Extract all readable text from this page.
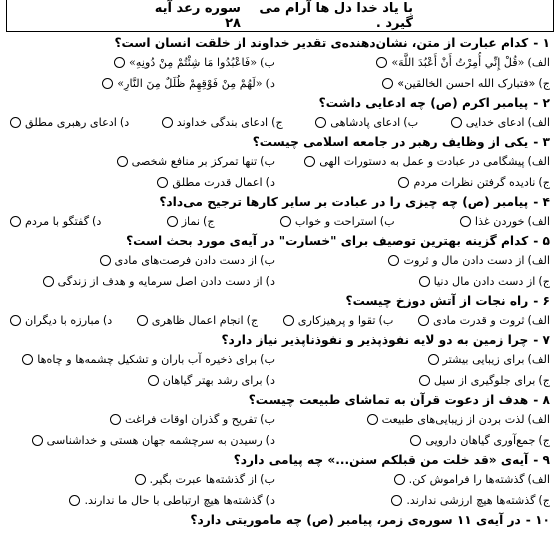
با یاد خدا دل ها آرام می گیرد .
سوره رعد آیه ۲۸
۱ -
کدام عبارت از متن، نشان‌دهنده‌ی تقدیر خداوند از خلقت انسان است؟
الف)
«قُلْ إِنِّي أُمِرْتُ أَنْ أَعْبُدَ اللَّهَ»
ب)
«فَاعْبُدُوا مَا شِئْتُمْ مِنْ دُونِهِ»
ج)
«فتبارک الله احسن الخالقین»
د)
«لَهُمْ مِنْ فَوْقِهِمْ ظُلَلٌ مِنَ النَّارِ»
۲ -
پیامبر اکرم (ص) چه ادعایی داشت؟
الف)
ادعای خدایی
ب)
ادعای پادشاهی
ج)
ادعای بندگی خداوند
د)
ادعای رهبری مطلق
۳ -
یکی از وظایف رهبر در جامعه اسلامی چیست؟
الف)
پیشگامی در عبادت و عمل به دستورات الهی
ب)
تنها تمرکز بر منافع شخصی
ج)
نادیده گرفتن نظرات مردم
د)
اعمال قدرت مطلق
۴ -
پیامبر (ص) چه چیزی را در عبادت بر سایر کارها ترجیح می‌داد؟
الف)
خوردن غذا
ب)
استراحت و خواب
ج)
نماز
د)
گفتگو با مردم
۵ -
کدام گزینه بهترین توصیف برای "خسارت" در آیه‌ی مورد بحث است؟
الف)
از دست دادن مال و ثروت
ب)
از دست دادن فرصت‌های مادی
ج)
از دست دادن مال دنیا
د)
از دست دادن اصل سرمایه و هدف از زندگی
۶ -
راه نجات از آتش دوزخ چیست؟
الف)
ثروت و قدرت مادی
ب)
تقوا و پرهیزکاری
ج)
انجام اعمال ظاهری
د)
مبارزه با دیگران
۷ -
چرا زمین به دو لایه نفوذپذیر و نفوذناپذیر نیاز دارد؟
الف)
برای زیبایی بیشتر
ب)
برای ذخیره آب باران و تشکیل چشمه‌ها و چاه‌ها
ج)
برای جلوگیری از سیل
د)
برای رشد بهتر گیاهان
۸ -
هدف از دعوت قرآن به تماشای طبیعت چیست؟
الف)
لذت بردن از زیبایی‌های طبیعت
ب)
تفریح و گذران اوقات فراغت
ج)
جمع‌آوری گیاهان دارویی
د)
رسیدن به سرچشمه جهان هستی و خداشناسی
۹ -
آیه‌ی «قد خلت من قبلکم سنن...» چه پیامی دارد؟
الف)
گذشته‌ها را فراموش کن.
ب)
از گذشته‌ها عبرت بگیر.
ج)
گذشته‌ها هیچ ارزشی ندارند.
د)
گذشته‌ها هیچ ارتباطی با حال ما ندارند.
۱۰ -
در آیه‌ی ۱۱ سوره‌ی زمر، پیامبر (ص) چه ماموریتی دارد؟
